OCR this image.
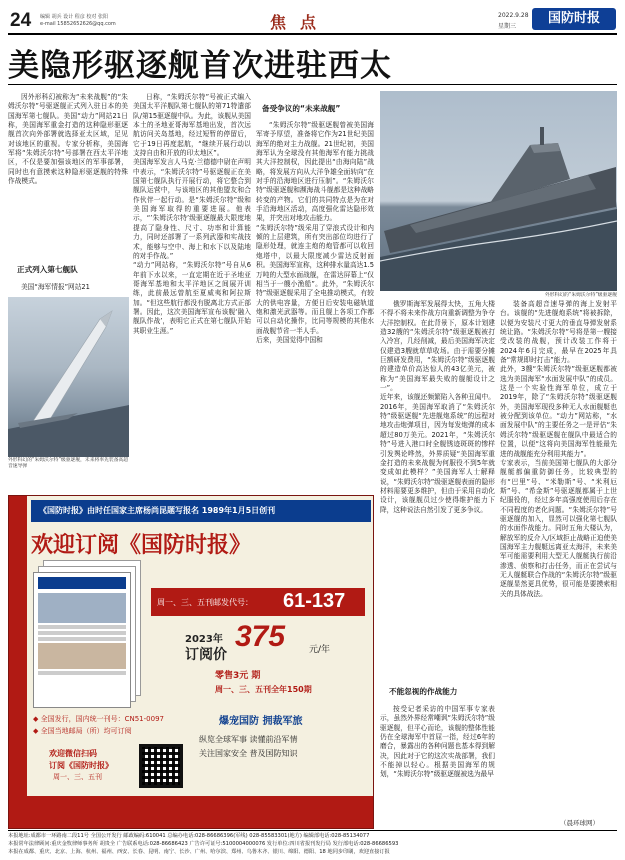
24 编辑 胡兵 设计 程彦 校对 张阳
e-mail 15852652626@qq.com	焦点	2022.9.28
星期三
国防时报
美隐形驱逐舰首次进驻西太
因外形科幻被称为“未来战舰”的“朱姆沃尔特”号驱逐舰正式列入驻日本的美国海军第七舰队。美国“动力”网站21日称，美国海军重金打造的这种隐形驱逐舰首次向外部署就选择亚太区域，足见对该地区的重视。专家分析称，美国海军将“朱姆沃尔特”号部署在西太平洋地区，不仅是要加强该地区的军事部署，同时也有意摸索这种隐形驱逐舰的特殊作战模式。
正式列入第七舰队
美国“海军情报”网站21
外形科幻的“朱姆沃尔特”级驱逐舰，未来将率先装备高超音速导弹
日称，“朱姆沃尔特”号被正式编入美国太平洋舰队第七舰队的第71特遣部队/第15驱逐舰中队。为此，该舰从美国本土的圣地亚哥海军基地出发，首次远航访问关岛基地，经过短暂的停留后，它于19日再度起航，“继续开展行动以支持自由和开放的印太地区”。
美国海军发言人马克·兰德德中尉在声明中表示，“朱姆沃尔特”号驱逐舰正在美国第七舰队执行开展行动，将它整合到舰队运营中，与该地区的其他盟友和合作伙伴一起行动。是“朱姆沃尔特”级和美国海军取得的重要进展。他表示，“’朱姆沃尔特’级驱逐舰最大限度地提高了隐身性、尺寸、功率和计算能力，同时还部署了一系列武器和实战技术，能够与空中、海上和水下以及陆地的对手作战。”
“动力”网站称，“朱姆沃尔特”号自从6年前下水以来，一直定期在近于圣地亚哥海军基地和太平洋地区之间展开训练，此前最远曾航至夏威夷和阿拉斯加。“但这些航行都没有脱离北方式正部署。因此，这次美国海军宣布该舰‘融入舰队作战’，表明它正式在第七舰队开始其职业生涯。”
备受争议的“未来战舰”
“朱姆沃尔特”级驱逐舰曾被美国海军寄予厚望，准备将它作为21世纪美国海军的绝对主力战舰。21世纪初，美国海军认为全球没有其他海军有能力挑战其大洋控制权，因此提出“由海向陆”战略，将发展方向从大洋争雄全面转向“在对手的沿海地区进行压制”。“朱姆沃尔特”级驱逐舰和濒海战斗舰都是这种战略转变的产物。它们的共同特点是为在对手沿海地区活动，高度强化雷达隐形效果，并突出对地攻击能力。
“朱姆沃尔特”级采用了穿浪式设计和内倾的上层建筑，所有突出部位均进行了隐形处理，就连主炮的炮管都可以收回炮塔中，以最大限度减少雷达反射面积。美国海军宣称，这种排水量高达1.5万吨的大型水面战舰，在雷达屏幕上“仅相当于一艘小渔船”。此外，“朱姆沃尔特”级驱逐舰采用了全电推动模式，有较大的供电容量，方便日后安装电磁轨道炮和激光武器等。而且舰上各项工作都可以自动化操作，比同等规模的其他水面战舰节省一半人手。
后来，美国觉得中国和
外形科幻的“朱姆沃尔特”级驱逐舰
俄罗斯海军发展得太快，五角大楼不得不将未来作战方向重新调整为争夺大洋控制权。在此背景下，原本计划建造32艘的“朱姆沃尔特”级驱逐舰被打入冷宫，几经削减，最后美国海军决定仅建造3艘就草草收场。由于需要分摊巨额研发费用，“朱姆沃尔特”级驱逐舰的建造单价高达惊人的43亿美元，被称为“美国海军最失败的舰艇设计之一”。
近年来，该舰还频繁陷入各种丑闻中。2016年，美国海军取消了“朱姆沃尔特”级驱逐舰“先进舰炮系统”的远程对地攻击炮弹项目，因为每发炮弹的成本超过80万美元。2021年，“朱姆沃尔特”号进入港口时全舰锈迹斑斑的惨样引发舆论哗然，外界质疑“美国海军重金打造的未来战舰为何服役不到5年就变成如此模样？”美国海军人士解释说，“朱姆沃尔特”级驱逐舰表面的隐形材料需要更多维护，但由于采用自动化设计，该舰舰员过少使得维护能力下降，这种说法自然引发了更多争议。
不能忽视的作战能力
按受记者采访的中国军事专家表示，虽然外界经常嘲讽“朱姆沃尔特”级驱逐舰，但平心而论，该舰的整体性能仍在全球海军中首屈一指，经过6年的磨合，暴露出的各种问题也基本得到解决，因此对于它的这次实战部署，我们不能掉以轻心。根据美国海军的规划，“朱姆沃尔特”级驱逐舰被选为最早
装备高超音速导弹的海上发射平台。该舰的“先进舰炮系统”将被拆除，以便为安装尺寸更大的垂直导弹发射系统让路。“朱姆沃尔特”号将是第一艘接受改装的战舰，预计改装工作将于2024年6月完成，最早在2025年具备“常规即时打击”能力。
此外，3艘“朱姆沃尔特”级驱逐舰都被选为美国海军“水面发展中队”的成员。这是一个实验性海军单位，成立于2019年，除了“朱姆沃尔特”级驱逐舰外，美国海军现役多种无人水面舰艇也被分配到该单位。“动力”网站称，“水面发展中队”的主要任务之一是评估“朱姆沃尔特”级驱逐舰在舰队中最适合的位置，以便“这将向美国海军性能最先进的战舰能充分利用其能力”。
专家表示，当前美国第七舰队的大部分舰艇都偏重防御任务，比较典型的有“巴里”号、“米勒斯”号、“米利厄斯”号、“希金斯”号驱逐舰都属于上世纪服役的，经过多年高强度使用后存在不同程度的老化问题。“朱姆沃尔特”号驱逐舰的加入，显然可以强化第七舰队的水面作战能力。同时五角大楼认为，解放军的反介入/区域拒止战略正迫使美国海军主力舰艇远离亚太海洋，未来美军可能需要利用大型无人舰艇执行前沿渗透、侦察和打击任务，而正在尝试与无人舰艇联合作战的“朱姆沃尔特”级驱逐舰显然更具优势，很可能是要摸索相关的具体战法。
（晨环球网）
《国防时报》由时任国家主席杨尚昆题写报名 1989年1月5日创刊
欢迎订阅《国防时报》
周一、三、五刊邮发代号： 61-137
2023年
订阅价
375	元/年
零售3元 期
周一、三、五刊全年150期
◆ 全国发行，国内统一刊号：CN51-0097
◆ 全国当地邮局（所）均可订阅
爆宠国防 拥裁军旅
纵览全球军事 读懂前沿军情
关注国家安全 普及国防知识
欢迎微信扫码
订阅《国防时报》
周一、三、五刊
本报地址:成都市一环路南二段11号 全国公开发行 邮政编码:610041 总编办电话:028-86686396(军线) 028-85583301(地方) 编辑部电话:028-85134077
本报常年法律顾问:重庆金牧律师事务所 胡贵全 广告联系电话:028-86686423 广告许可证号:5100004000076 发行单位:四川省报刊发行局 发行部电话:028-86686593
本报在成都、重庆、北京、上海、杭州、福州、西安、长春、昆明、南宁、长沙、广州、哈尔滨、郑州、乌鲁木齐、银川、绵阳、德阳、18 地同步印刷，欢迎直接订报
